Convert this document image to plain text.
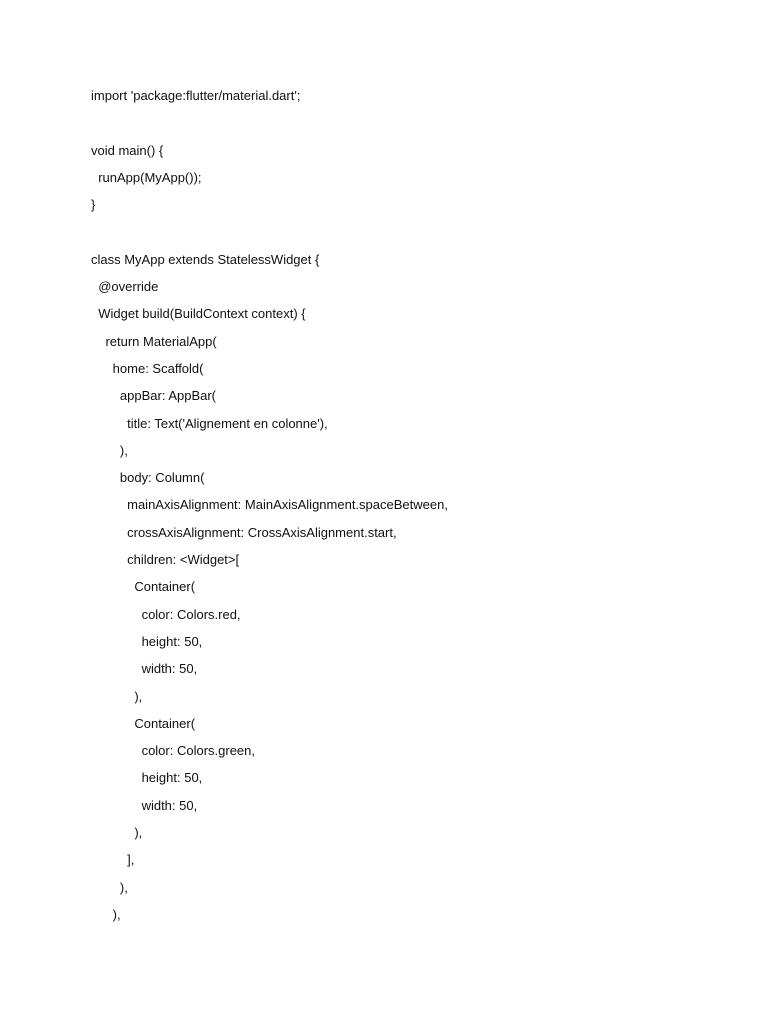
import 'package:flutter/material.dart';
void main() {
runApp(MyApp());
}
class MyApp extends StatelessWidget {
@override
Widget build(BuildContext context) {
return MaterialApp(
home: Scaffold(
appBar: AppBar(
title: Text('Alignement en colonne'),
),
body: Column(
mainAxisAlignment: MainAxisAlignment.spaceBetween,
crossAxisAlignment: CrossAxisAlignment.start,
children: <Widget>[
Container(
color: Colors.red,
height: 50,
width: 50,
),
Container(
color: Colors.green,
height: 50,
width: 50,
),
],
),
),
